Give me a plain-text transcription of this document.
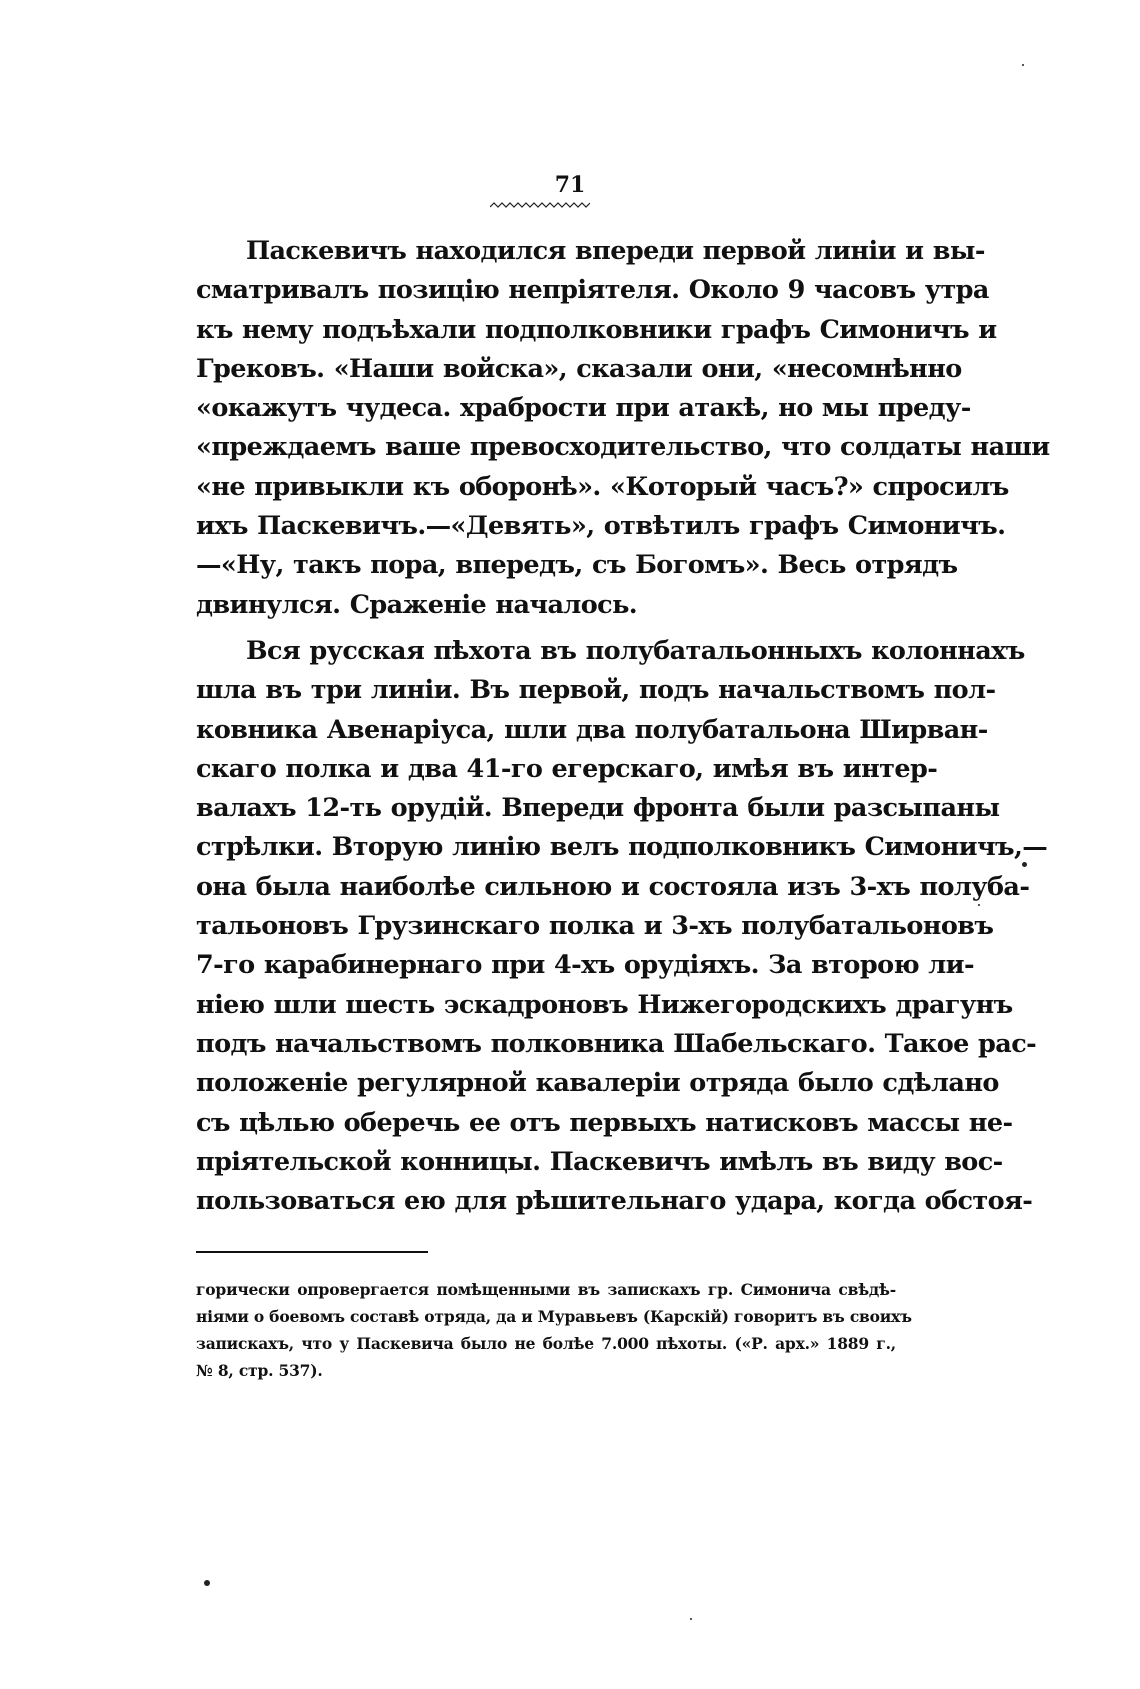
71
Паскевичъ находился впереди первой линіи и вы-
сматривалъ позицію непріятеля. Около 9 часовъ утра
къ нему подъѣхали подполковники графъ Симоничъ и
Грековъ. «Наши войска», сказали они, «несомнѣнно
«окажутъ чудеса. храбрости при атакѣ, но мы преду-
«преждаемъ ваше превосходительство, что солдаты наши
«не привыкли къ оборонѣ». «Который часъ?» спросилъ
ихъ Паскевичъ.—«Девять», отвѣтилъ графъ Симоничъ.
—«Ну, такъ пора, впередъ, съ Богомъ». Весь отрядъ
двинулся. Сраженіе началось.
Вся русская пѣхота въ полубатальонныхъ колоннахъ
шла въ три линіи. Въ первой, подъ начальствомъ пол-
ковника Авенаріуса, шли два полубатальона Ширван-
скаго полка и два 41-го егерскаго, имѣя въ интер-
валахъ 12-ть орудій. Впереди фронта были разсыпаны
стрѣлки. Вторую линію велъ подполковникъ Симоничъ,—
она была наиболѣе сильною и состояла изъ 3-хъ полуба-
тальоновъ Грузинскаго полка и 3-хъ полубатальоновъ
7-го карабинернаго при 4-хъ орудіяхъ. За второю ли-
ніею шли шесть эскадроновъ Нижегородскихъ драгунъ
подъ начальствомъ полковника Шабельскаго. Такое рас-
положеніе регулярной кавалеріи отряда было сдѣлано
съ цѣлью оберечь ее отъ первыхъ натисковъ массы не-
пріятельской конницы. Паскевичъ имѣлъ въ виду вос-
пользоваться ею для рѣшительнаго удара, когда обстоя-
горически опровергается помѣщенными въ запискахъ гр. Симонича свѣдѣ-
ніями о боевомъ составѣ отряда, да и Муравьевъ (Карскій) говоритъ въ своихъ
запискахъ, что у Паскевича было не болѣе 7.000 пѣхоты. («Р. арх.» 1889 г.,
№ 8, стр. 537).
